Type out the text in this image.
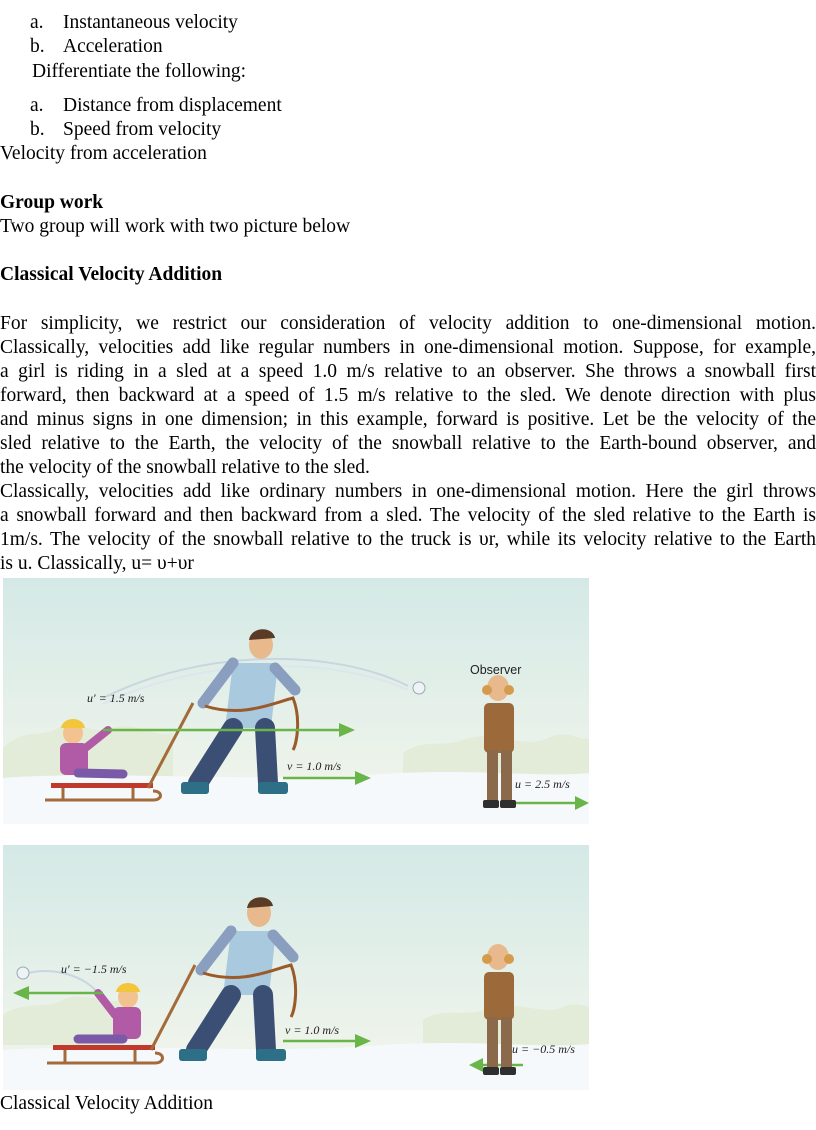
a. Instantaneous velocity
b. Acceleration
Differentiate the following:
a. Distance from displacement
b. Speed from velocity
Velocity from acceleration
Group work
Two group will work with two picture below
Classical Velocity Addition
For simplicity, we restrict our consideration of velocity addition to one-dimensional motion.
Classically, velocities add like regular numbers in one-dimensional motion. Suppose, for example,
a girl is riding in a sled at a speed 1.0 m/s relative to an observer. She throws a snowball first
forward, then backward at a speed of 1.5 m/s relative to the sled. We denote direction with plus
and minus signs in one dimension; in this example, forward is positive. Let be the velocity of the
sled relative to the Earth, the velocity of the snowball relative to the Earth-bound observer, and
the velocity of the snowball relative to the sled.
Classically, velocities add like ordinary numbers in one-dimensional motion. Here the girl throws
a snowball forward and then backward from a sled. The velocity of the sled relative to the Earth is
1m/s. The velocity of the snowball relative to the truck is υr, while its velocity relative to the Earth
is u. Classically, u= υ+υr
Observer
u′ = 1.5 m/s
v = 1.0 m/s
u = 2.5 m/s
u′ = −1.5 m/s
v = 1.0 m/s
u = −0.5 m/s
Classical Velocity Addition
